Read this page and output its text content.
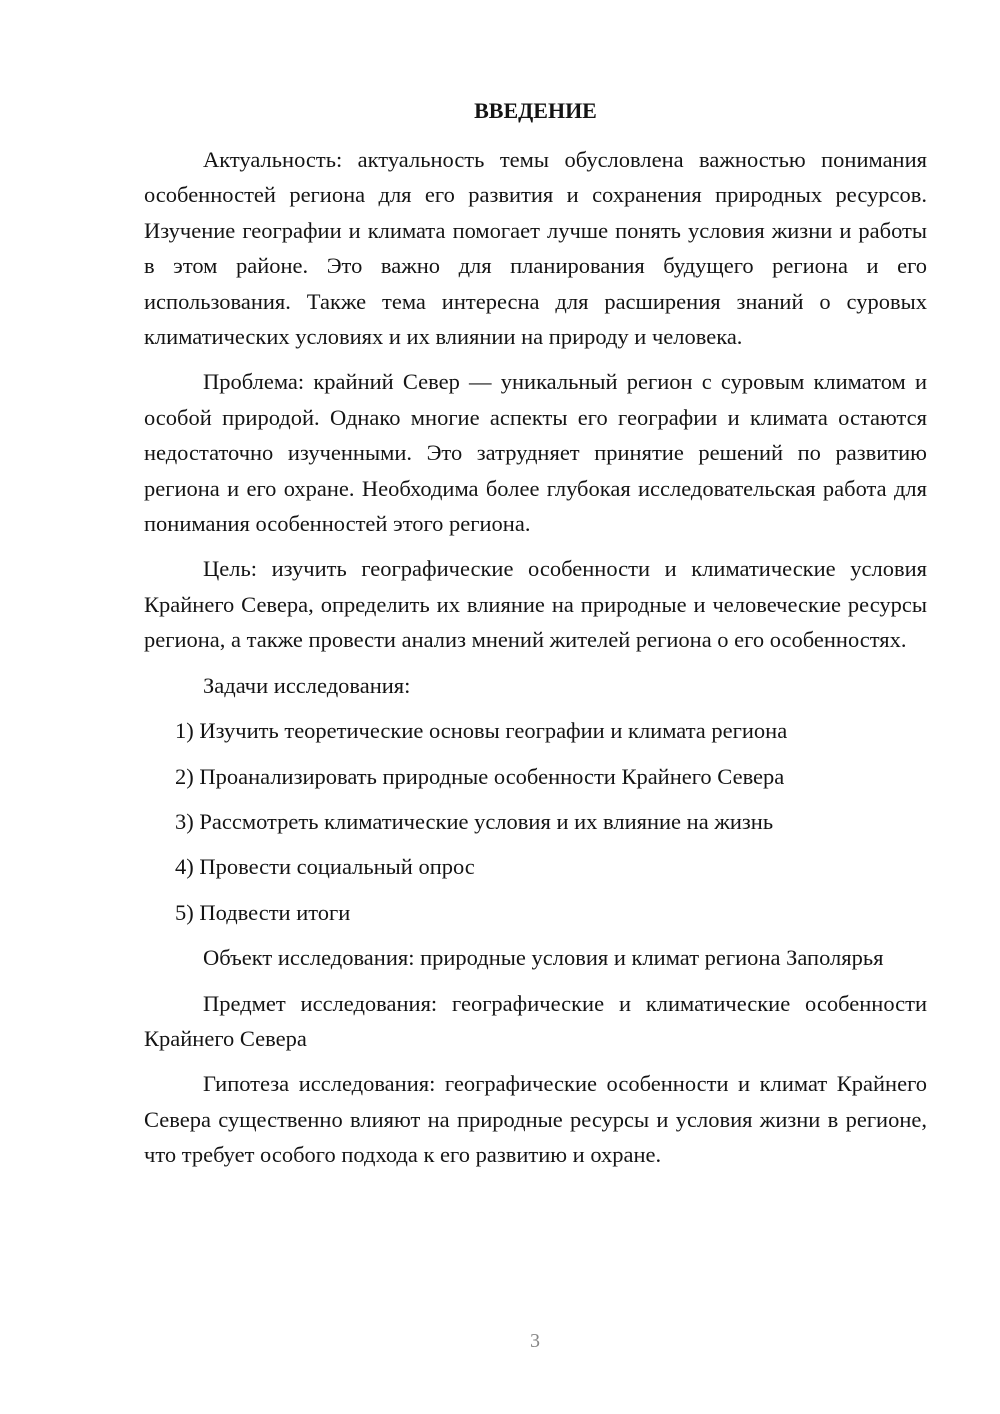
ВВЕДЕНИЕ

Актуальность: актуальность темы обусловлена важностью понимания особенностей региона для его развития и сохранения природных ресурсов. Изучение географии и климата помогает лучше понять условия жизни и работы в этом районе. Это важно для планирования будущего региона и его использования. Также тема интересна для расширения знаний о суровых климатических условиях и их влиянии на природу и человека.

Проблема: крайний Север — уникальный регион с суровым климатом и особой природой. Однако многие аспекты его географии и климата остаются недостаточно изученными. Это затрудняет принятие решений по развитию региона и его охране. Необходима более глубокая исследовательская работа для понимания особенностей этого региона.

Цель: изучить географические особенности и климатические условия Крайнего Севера, определить их влияние на природные и человеческие ресурсы региона, а также провести анализ мнений жителей региона о его особенностях.

Задачи исследования:

1) Изучить теоретические основы географии и климата региона
2) Проанализировать природные особенности Крайнего Севера
3) Рассмотреть климатические условия и их влияние на жизнь
4) Провести социальный опрос
5) Подвести итоги

Объект исследования: природные условия и климат региона Заполярья

Предмет исследования: географические и климатические особенности Крайнего Севера

Гипотеза исследования: географические особенности и климат Крайнего Севера существенно влияют на природные ресурсы и условия жизни в регионе, что требует особого подхода к его развитию и охране.

3
